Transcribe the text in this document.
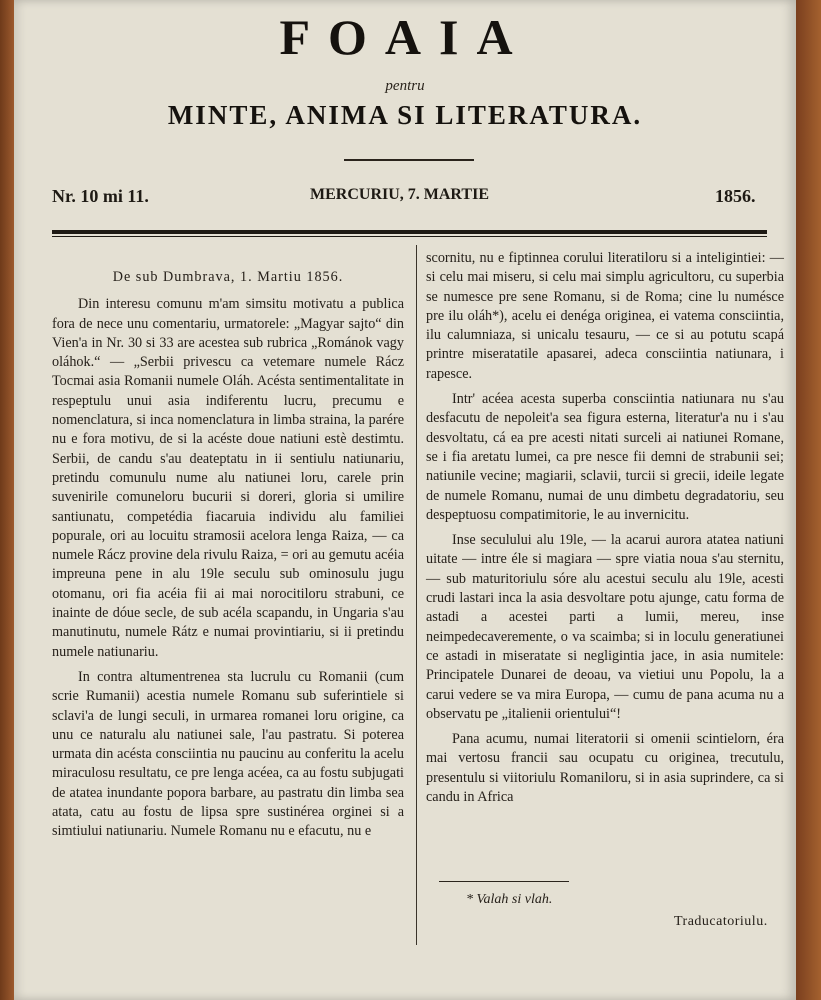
FOAIA
pentru
MINTE, ANIMA SI LITERATURA.
Nr. 10 mi 11.	MERCURIU, 7. MARTIE	1856.

De sub Dumbrava, 1. Martiu 1856.

Din interesu comunu m'am simsitu motivatu a publica fora de nece unu comentariu, urmatorele: „Magyar sajto“ din Vien'a in Nr. 30 si 33 are acestea sub rubrica „Románok vagy oláhok.“ — „Serbii privescu ca vetemare numele Rácz Tocmai asia Romanii numele Oláh. Acésta sentimentalitate in respeptulu unui asia indiferentu lucru, precumu e nomenclatura, si inca nomenclatura in limba straina, la parére nu e fora motivu, de si la acéste doue natiuni estè destimtu. Serbii, de candu s'au deateptatu in ii sentiulu natiunariu, pretindu comunulu nume alu natiunei loru, carele prin suvenirile comuneloru bucurii si doreri, gloria si umilire santiunatu, competédia fiacaruia individu alu familiei popurale, ori au locuitu stramosii acelora lenga Raiza, — ca numele Rácz provine dela rivulu Raiza, = ori au gemutu acéia impreuna pene in alu 19le seculu sub ominosulu jugu otomanu, ori fia acéia fii ai mai norocitiloru strabuni, ce inainte de dóue secle, de sub acéla scapandu, in Ungaria s'au manutinutu, numele Rátz e numai provintiariu, si ii pretindu numele natiunariu.

In contra altumentrenea sta lucrulu cu Romanii (cum scrie Rumanii) acestia numele Romanu sub suferintiele si sclavi'a de lungi seculi, in urmarea romanei loru origine, ca unu ce naturalu alu natiunei sale, l'au pastratu. Si poterea urmata din acésta consciintia nu paucinu au conferitu la acelu miraculosu resultatu, ce pre lenga acéea, ca au fostu subjugati de atatea inundante popora barbare, au pastratu din limba sea atata, catu au fostu de lipsa spre sustinérea orginei si a simtiului natiunariu. Numele Romanu nu e efacutu, nu e

scornitu, nu e fiptinnea corului literatiloru si a inteligintiei: — si celu mai miseru, si celu mai simplu agricultoru, cu superbia se numesce pre sene Romanu, si de Roma; cine lu numésce pre ilu oláh*), acelu ei denéga originea, ei vatema consciintia, ilu calumniaza, si unicalu tesauru, — ce si au potutu scapá printre miseratatile apasarei, adeca consciintia natiunara, i rapesce.

Intr' acéea acesta superba consciintia natiunara nu s'au desfacutu de nepoleit'a sea figura esterna, literatur'a nu i s'au desvoltatu, cá ea pre acesti nitati surceli ai natiunei Romane, se i fia aretatu lumei, ca pre nesce fii demni de strabunii sei; natiunile vecine; magiarii, sclavii, turcii si grecii, ideile legate de numele Romanu, numai de unu dimbetu degradatoriu, seu despeptuosu compatimitorie, le au invernicitu.

Inse seculului alu 19le, — la acarui aurora atatea natiuni uitate — intre éle si magiara — spre viatia noua s'au sternitu, — sub maturitoriulu sóre alu acestui seculu alu 19le, acesti crudi lastari inca la asia desvoltare potu ajunge, catu forma de astadi a acestei parti a lumii, mereu, inse neimpedecaveremente, o va scaimba; si in loculu generatiunei ce astadi in miseratate si negligintia jace, in asia numitele: Principatele Dunarei de deoau, va vietiui unu Popolu, la a carui vedere se va mira Europa, — cumu de pana acuma nu a observatu pe „italienii orientului“!

Pana acumu, numai literatorii si omenii scintielorn, éra mai vertosu francii sau ocupatu cu originea, trecutulu, presentulu si viitoriulu Romaniloru, si in asia suprindere, ca si candu in Africa

* Valah si vlah.
Traducatoriulu.
